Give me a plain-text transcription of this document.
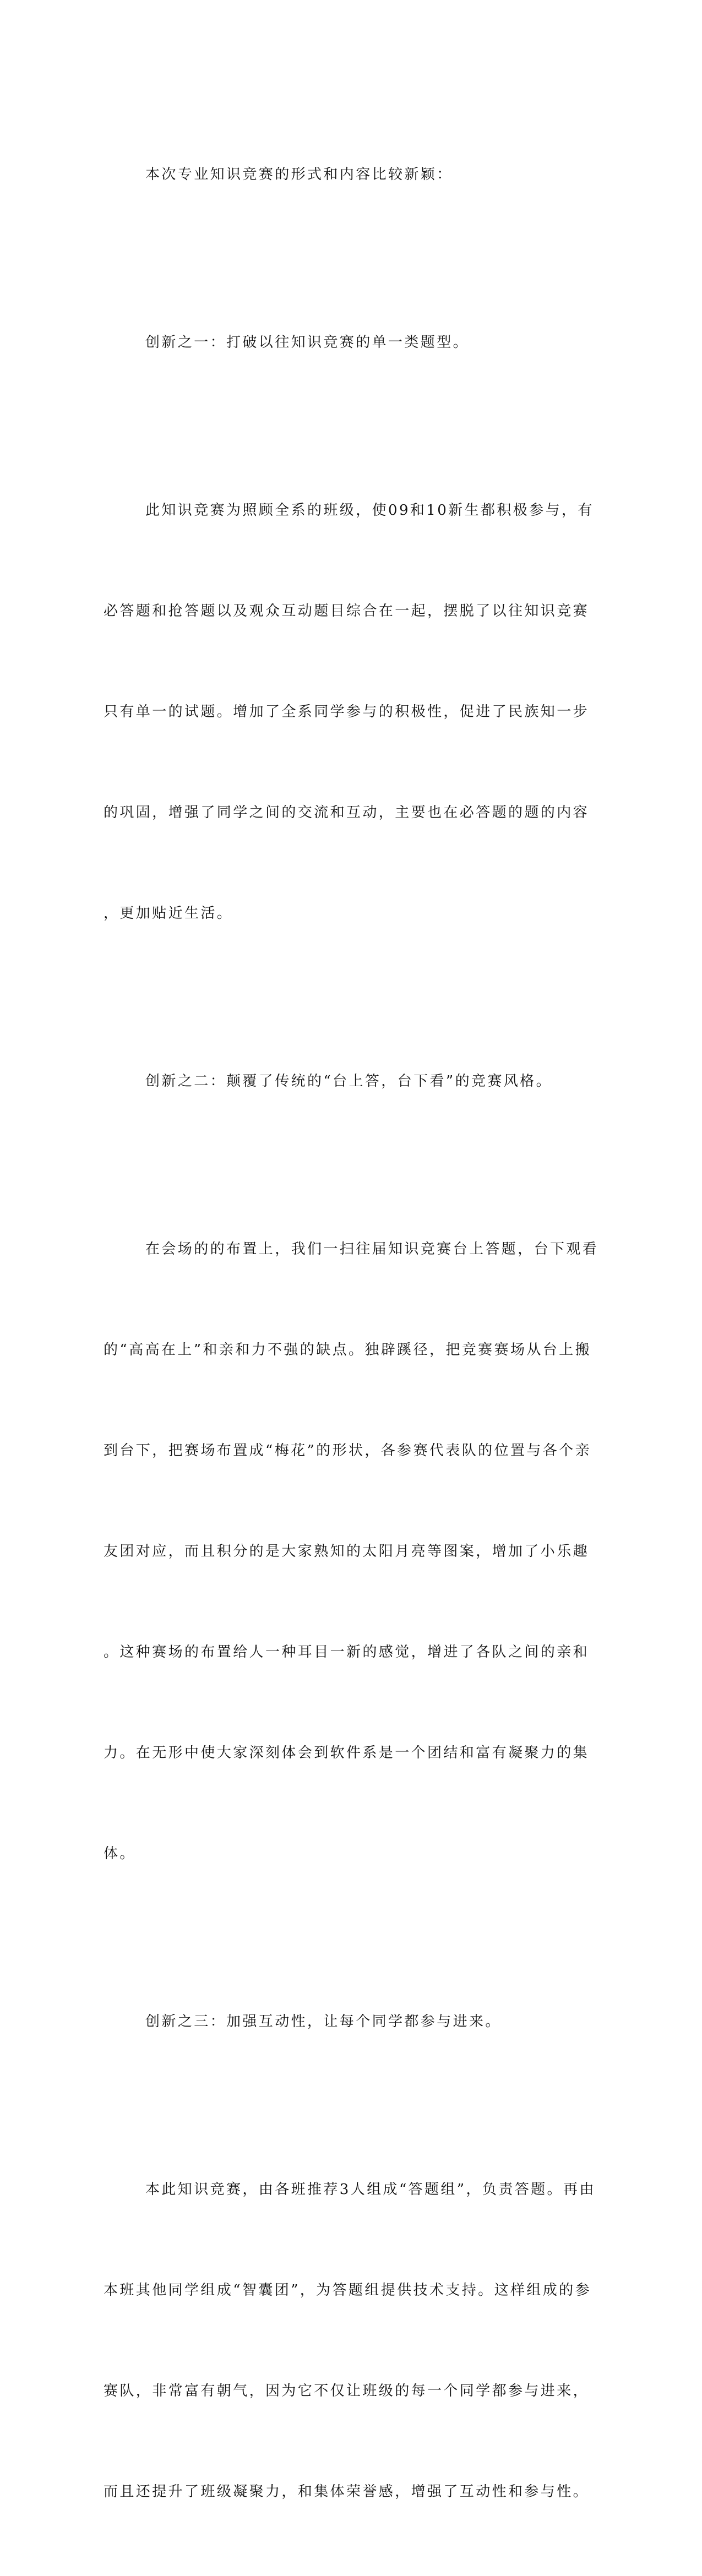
本次专业知识竞赛的形式和内容比较新颖：

创新之一：打破以往知识竞赛的单一类题型。

此知识竞赛为照顾全系的班级，使09和10新生都积极参与，有

必答题和抢答题以及观众互动题目综合在一起，摆脱了以往知识竞赛

只有单一的试题。增加了全系同学参与的积极性，促进了民族知一步

的巩固，增强了同学之间的交流和互动，主要也在必答题的题的内容

，更加贴近生活。

创新之二：颠覆了传统的“台上答，台下看”的竞赛风格。

在会场的的布置上，我们一扫往届知识竞赛台上答题，台下观看

的“高高在上”和亲和力不强的缺点。独辟蹊径，把竞赛赛场从台上搬

到台下，把赛场布置成“梅花”的形状，各参赛代表队的位置与各个亲

友团对应，而且积分的是大家熟知的太阳月亮等图案，增加了小乐趣

。这种赛场的布置给人一种耳目一新的感觉，增进了各队之间的亲和

力。在无形中使大家深刻体会到软件系是一个团结和富有凝聚力的集

体。

创新之三：加强互动性，让每个同学都参与进来。

本此知识竞赛，由各班推荐3人组成“答题组”，负责答题。再由

本班其他同学组成“智囊团”，为答题组提供技术支持。这样组成的参

赛队，非常富有朝气，因为它不仅让班级的每一个同学都参与进来，

而且还提升了班级凝聚力，和集体荣誉感，增强了互动性和参与性。
